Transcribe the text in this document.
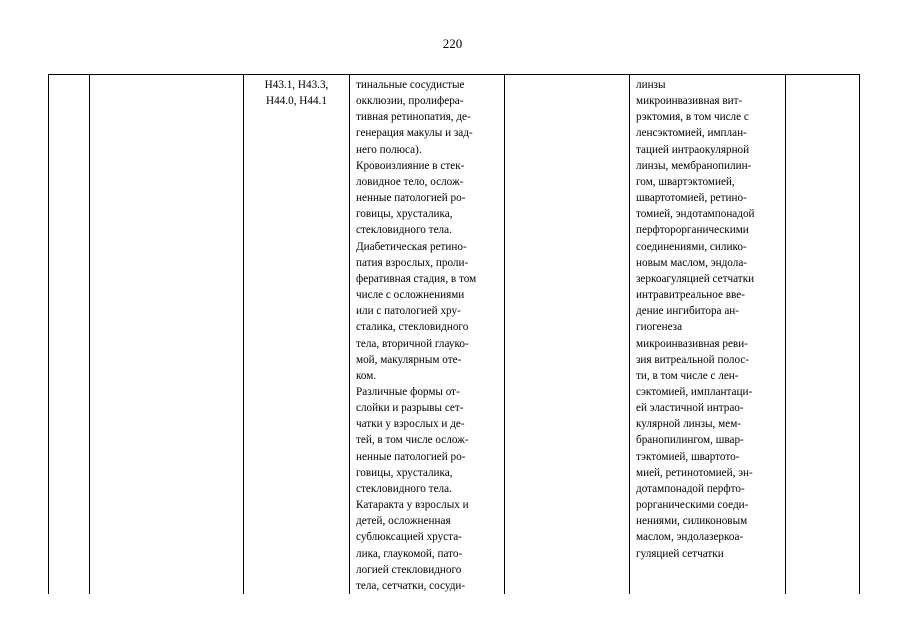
220

Н43.1, Н43.3,
Н44.0, Н44.1

тинальные сосудистые
окклюзии, пролифера-
тивная ретинопатия, де-
генерация макулы и зад-
него полюса).
Кровоизлияние в стек-
ловидное тело, ослож-
ненные патологией ро-
говицы, хрусталика,
стекловидного тела.
Диабетическая ретино-
патия взрослых, проли-
феративная стадия, в том
числе с осложнениями
или с патологией хру-
сталика, стекловидного
тела, вторичной глауко-
мой, макулярным оте-
ком.
Различные формы от-
слойки и разрывы сет-
чатки у взрослых и де-
тей, в том числе ослож-
ненные патологией ро-
говицы, хрусталика,
стекловидного тела.
Катаракта у взрослых и
детей, осложненная
сублюксацией хруста-
лика, глаукомой, пато-
логией стекловидного
тела, сетчатки, сосуди-

линзы
микроинвазивная вит-
рэктомия, в том числе с
ленсэктомией, имплан-
тацией интраокулярной
линзы, мембранопилин-
гом, швартэктомией,
швартотомией, ретино-
томией, эндотампонадой
перфторорганическими
соединениями, силико-
новым маслом, эндола-
зеркоагуляцией сетчатки
интравитреальное вве-
дение ингибитора ан-
гиогенеза
микроинвазивная реви-
зия витреальной полос-
ти, в том числе с лен-
сэктомией, имплантаци-
ей эластичной интрао-
кулярной линзы, мем-
бранопилингом, швар-
тэктомией, швартото-
мией, ретинотомией, эн-
дотампонадой перфто-
рорганическими соеди-
нениями, силиконовым
маслом, эндолазеркоа-
гуляцией сетчатки
